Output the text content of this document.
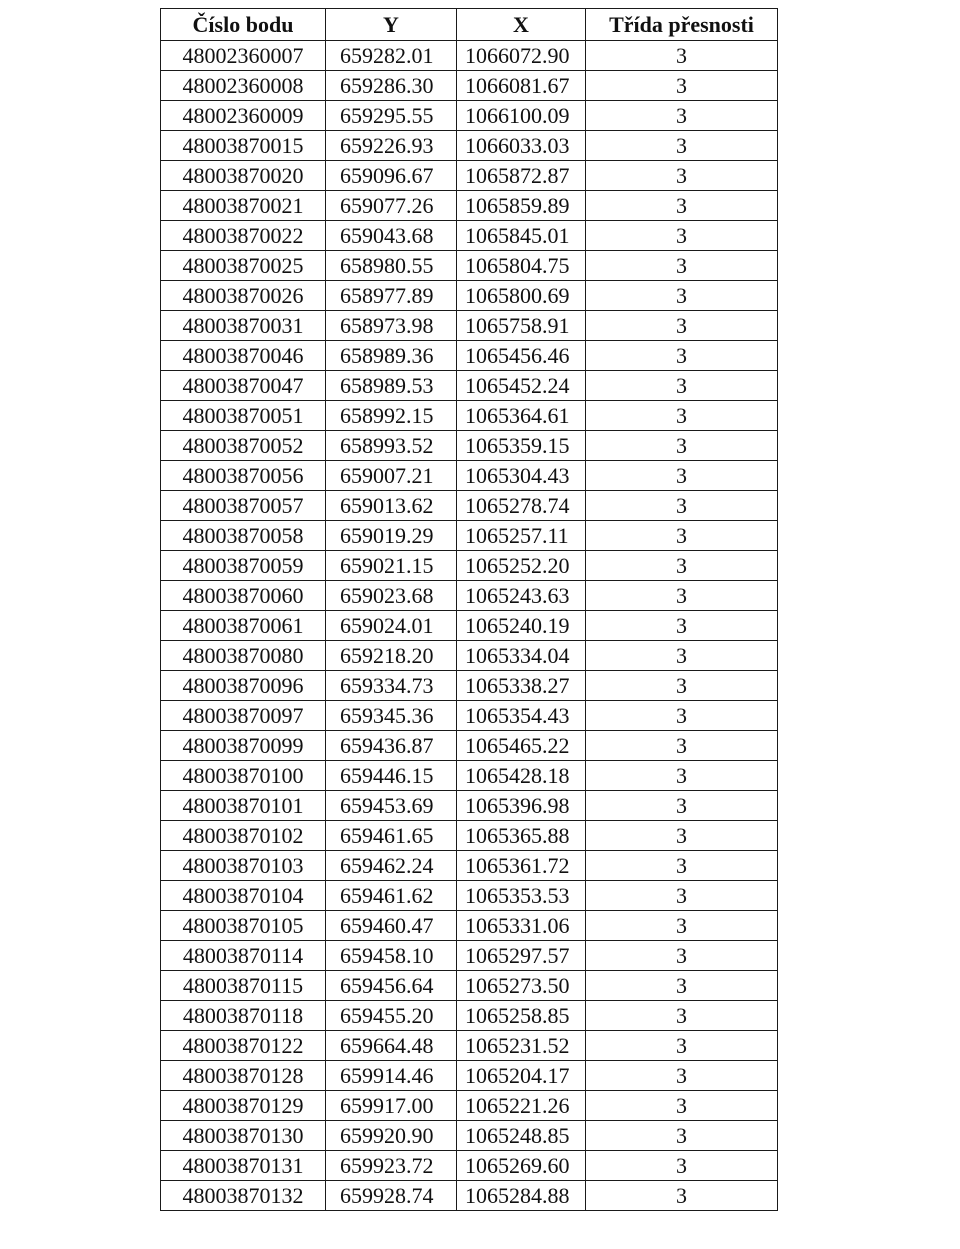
Číslo bodu	Y	X	Třída přesnosti
48002360007	659282.01	1066072.90	3
48002360008	659286.30	1066081.67	3
48002360009	659295.55	1066100.09	3
48003870015	659226.93	1066033.03	3
48003870020	659096.67	1065872.87	3
48003870021	659077.26	1065859.89	3
48003870022	659043.68	1065845.01	3
48003870025	658980.55	1065804.75	3
48003870026	658977.89	1065800.69	3
48003870031	658973.98	1065758.91	3
48003870046	658989.36	1065456.46	3
48003870047	658989.53	1065452.24	3
48003870051	658992.15	1065364.61	3
48003870052	658993.52	1065359.15	3
48003870056	659007.21	1065304.43	3
48003870057	659013.62	1065278.74	3
48003870058	659019.29	1065257.11	3
48003870059	659021.15	1065252.20	3
48003870060	659023.68	1065243.63	3
48003870061	659024.01	1065240.19	3
48003870080	659218.20	1065334.04	3
48003870096	659334.73	1065338.27	3
48003870097	659345.36	1065354.43	3
48003870099	659436.87	1065465.22	3
48003870100	659446.15	1065428.18	3
48003870101	659453.69	1065396.98	3
48003870102	659461.65	1065365.88	3
48003870103	659462.24	1065361.72	3
48003870104	659461.62	1065353.53	3
48003870105	659460.47	1065331.06	3
48003870114	659458.10	1065297.57	3
48003870115	659456.64	1065273.50	3
48003870118	659455.20	1065258.85	3
48003870122	659664.48	1065231.52	3
48003870128	659914.46	1065204.17	3
48003870129	659917.00	1065221.26	3
48003870130	659920.90	1065248.85	3
48003870131	659923.72	1065269.60	3
48003870132	659928.74	1065284.88	3
